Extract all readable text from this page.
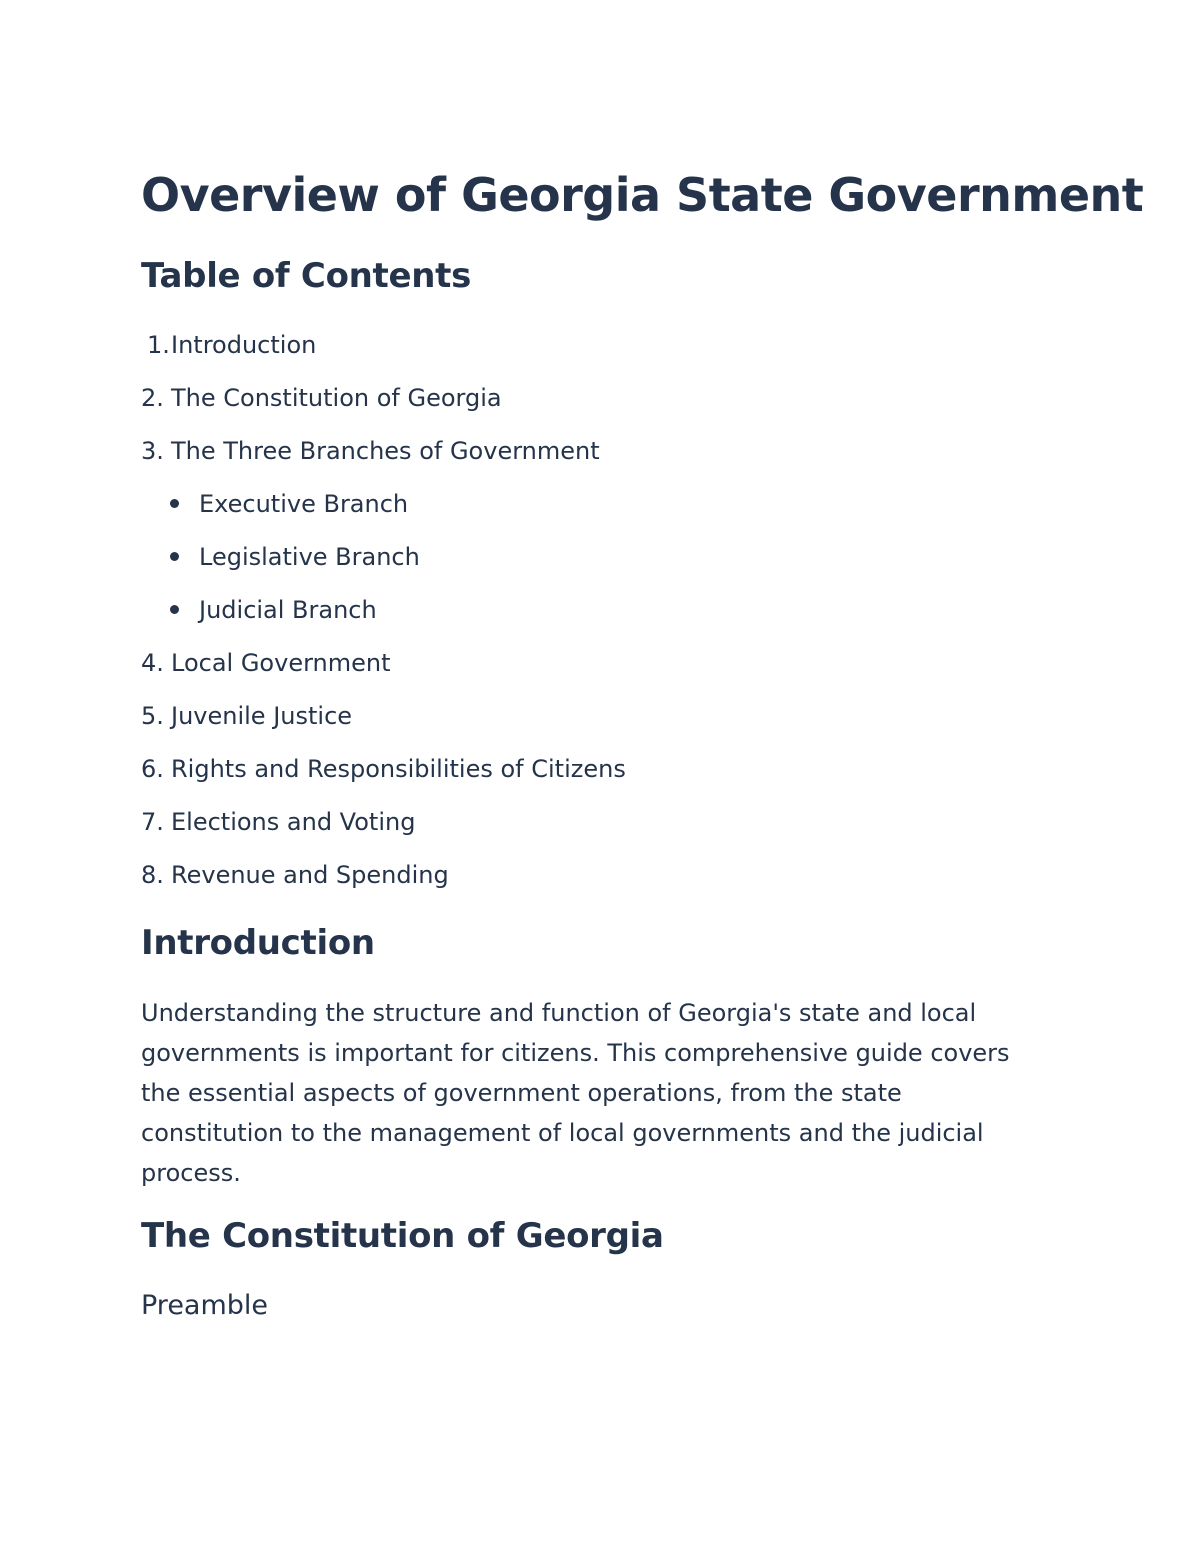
Overview of Georgia State Government
Table of Contents
1.Introduction
2. The Constitution of Georgia
3. The Three Branches of Government
Executive Branch
Legislative Branch
Judicial Branch
4. Local Government
5. Juvenile Justice
6. Rights and Responsibilities of Citizens
7. Elections and Voting
8. Revenue and Spending
Introduction

Understanding the structure and function of Georgia's state and local governments is important for citizens. This comprehensive guide covers the essential aspects of government operations, from the state constitution to the management of local governments and the judicial process.

The Constitution of Georgia
Preamble
